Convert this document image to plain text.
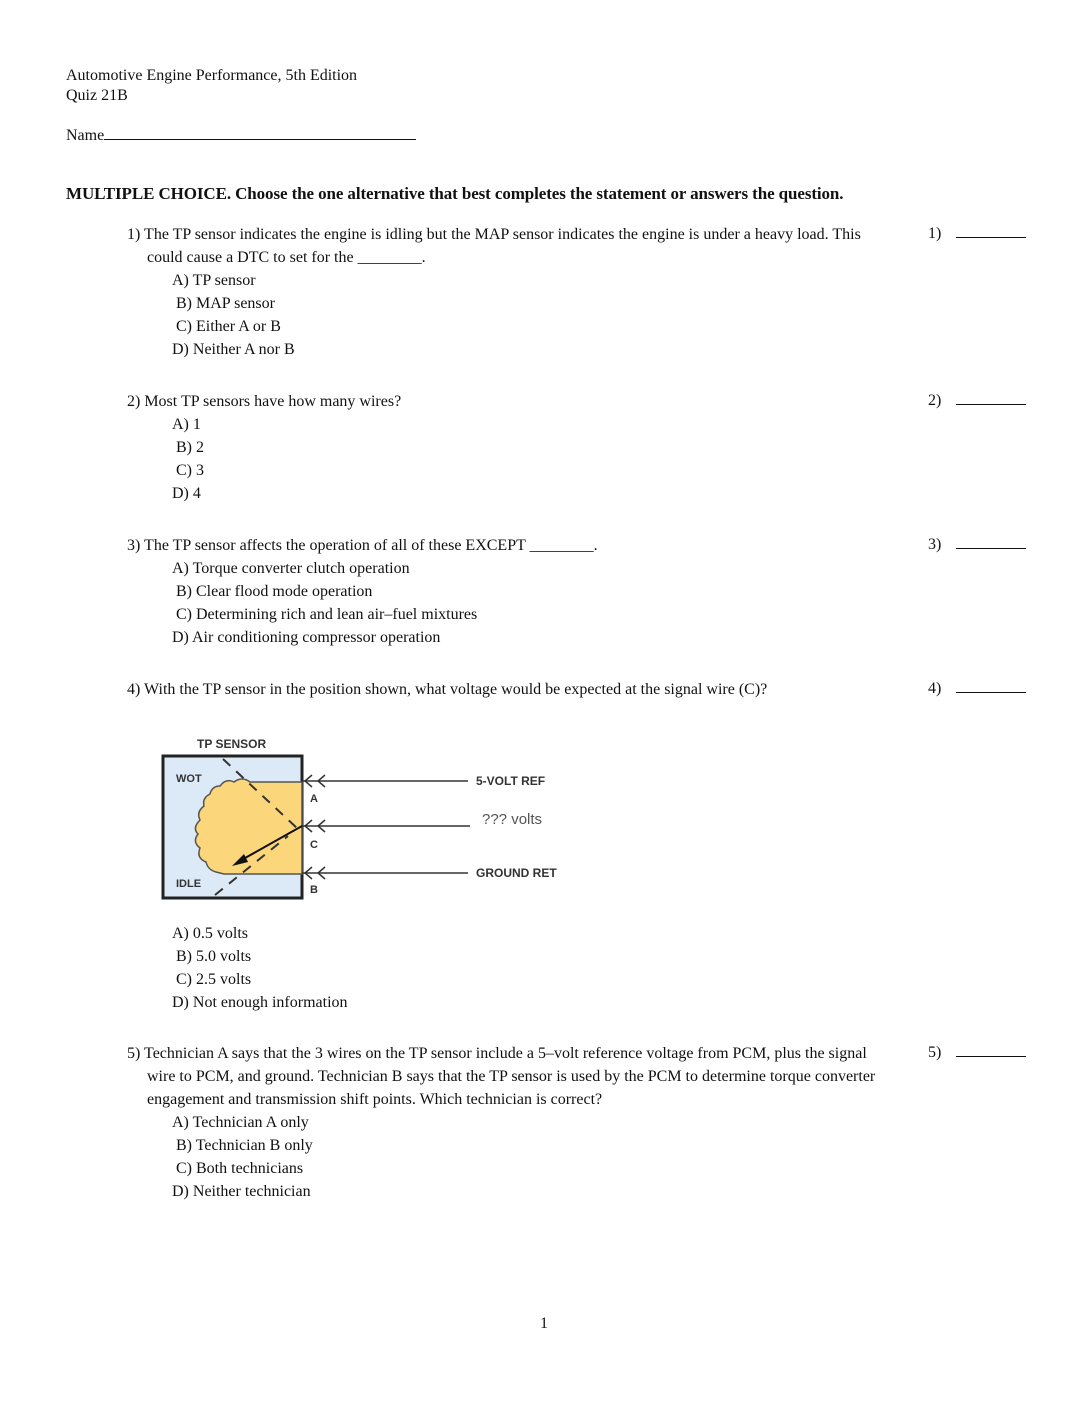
Automotive Engine Performance, 5th Edition
Quiz 21B
Name
MULTIPLE CHOICE. Choose the one alternative that best completes the statement or answers the question.
1) The TP sensor indicates the engine is idling but the MAP sensor indicates the engine is under a heavy load. This could cause a DTC to set for the ________.
A) TP sensor
B) MAP sensor
C) Either A or B
D) Neither A nor B
1)
2) Most TP sensors have how many wires?
A) 1
B) 2
C) 3
D) 4
2)
3) The TP sensor affects the operation of all of these EXCEPT ________.
A) Torque converter clutch operation
B) Clear flood mode operation
C) Determining rich and lean air–fuel mixtures
D) Air conditioning compressor operation
3)
4) With the TP sensor in the position shown, what voltage would be expected at the signal wire (C)?	4)
TP SENSOR
WOT
IDLE
A
C
B
5-VOLT REF
??? volts
GROUND RET
A) 0.5 volts
B) 5.0 volts
C) 2.5 volts
D) Not enough information
5) Technician A says that the 3 wires on the TP sensor include a 5–volt reference voltage from PCM, plus the signal wire to PCM, and ground. Technician B says that the TP sensor is used by the PCM to determine torque converter engagement and transmission shift points. Which technician is correct?
A) Technician A only
B) Technician B only
C) Both technicians
D) Neither technician
5)
1
